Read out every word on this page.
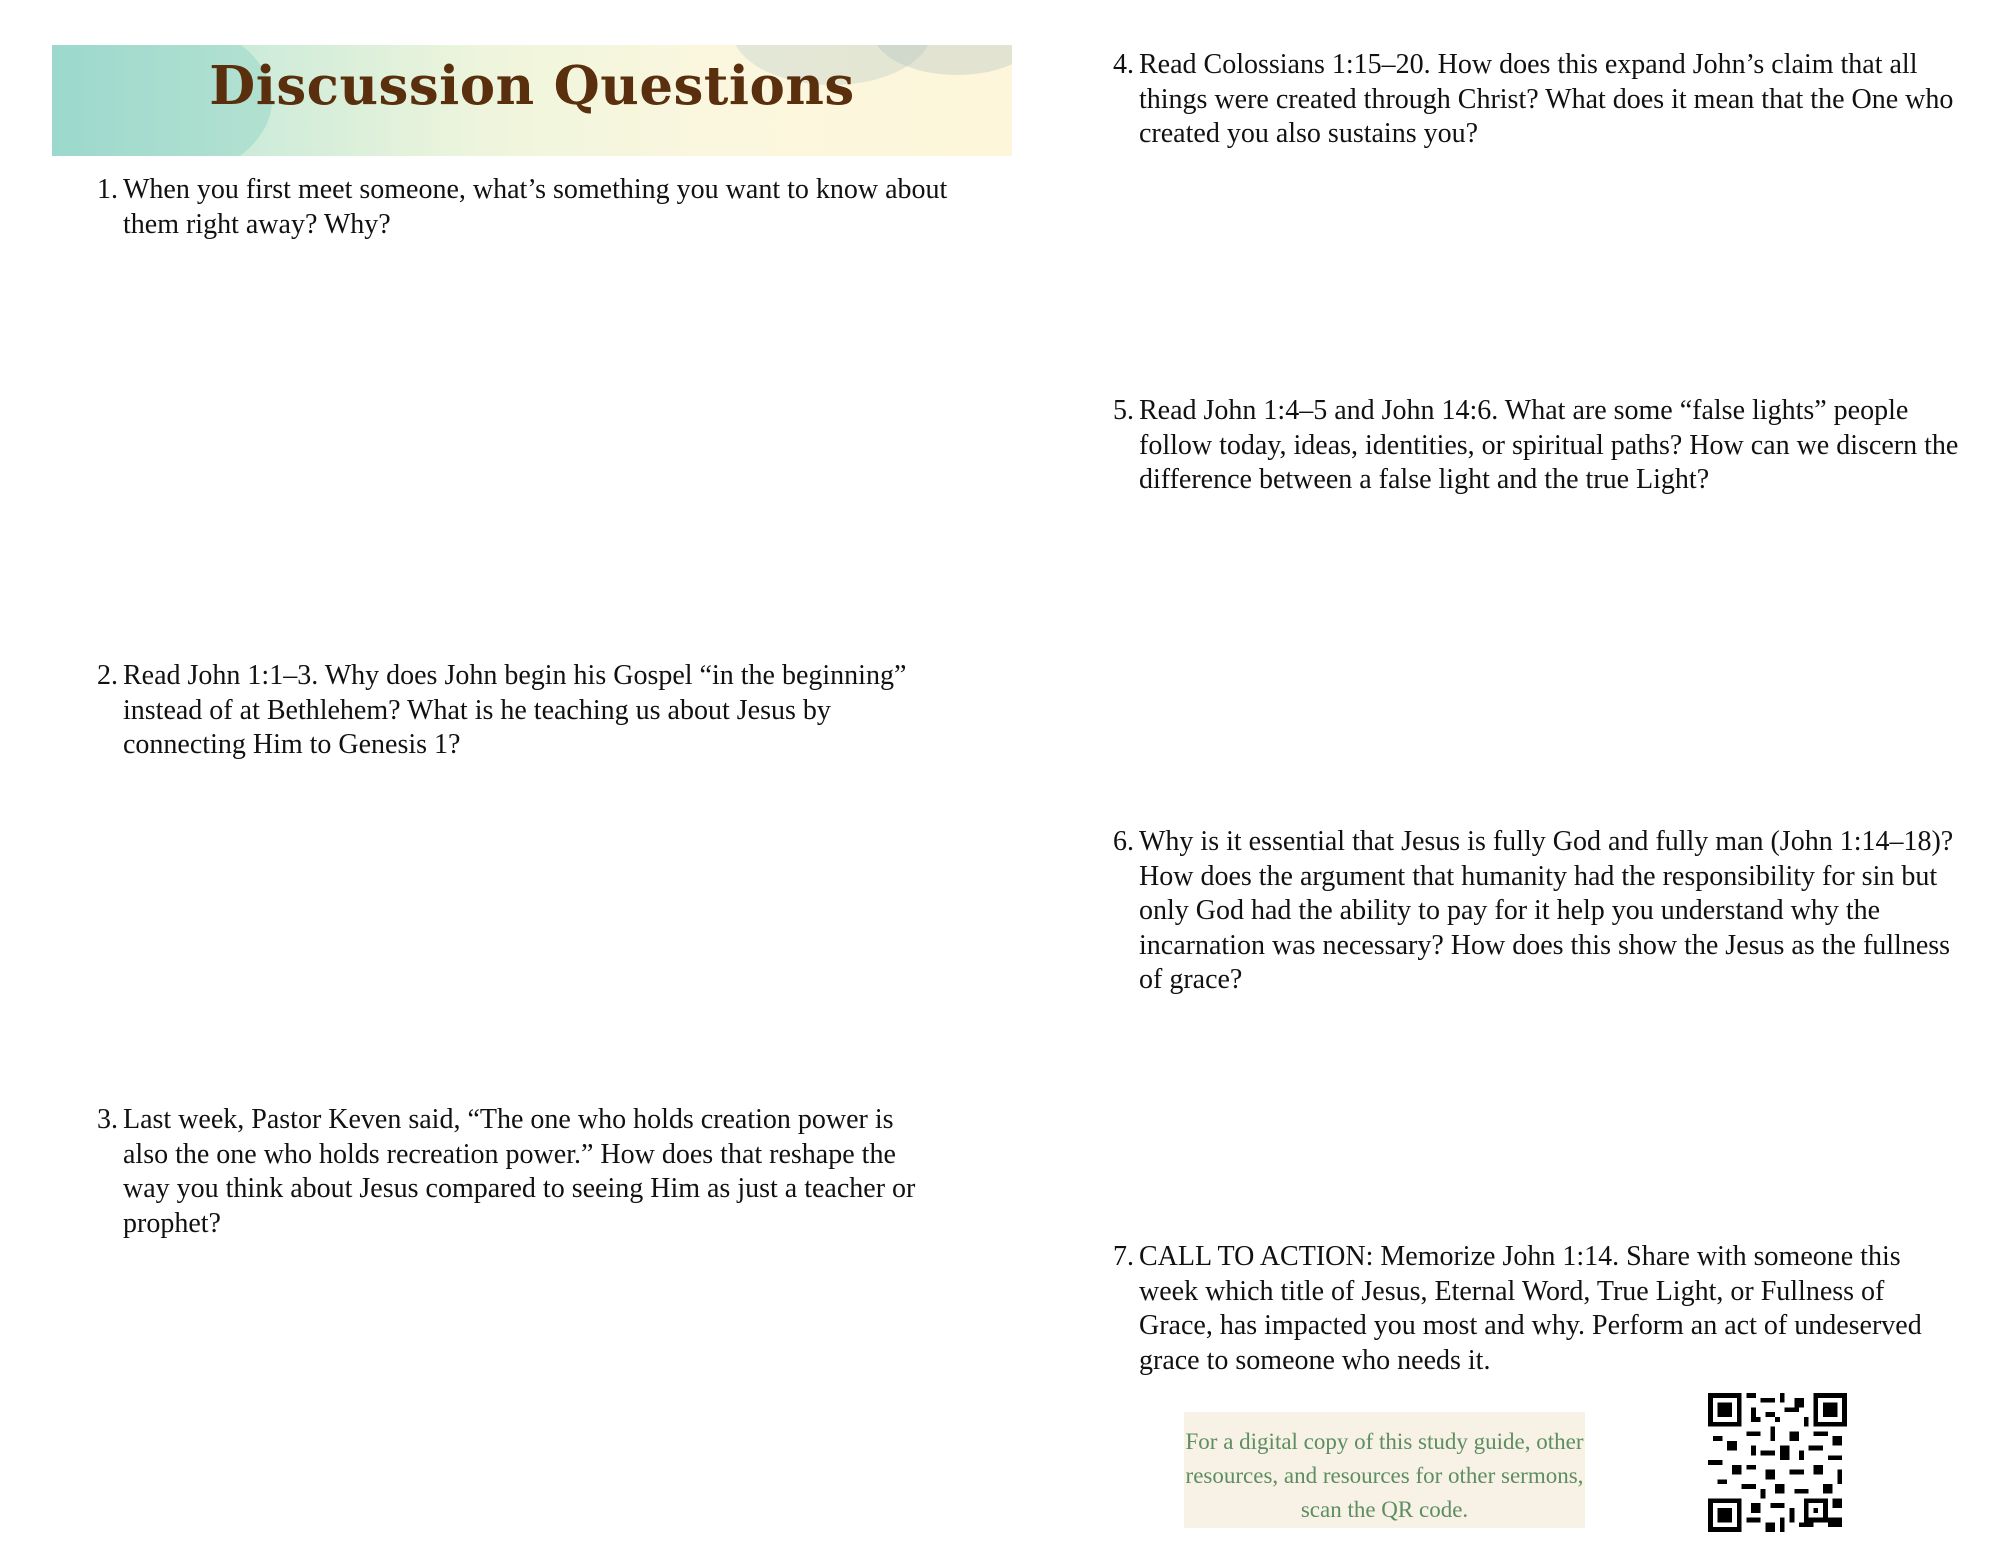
Discussion Questions
1. When you first meet someone, what’s something you want to know about them right away? Why?
2. Read John 1:1–3. Why does John begin his Gospel “in the beginning” instead of at Bethlehem? What is he teaching us about Jesus by connecting Him to Genesis 1?
3. Last week, Pastor Keven said, “The one who holds creation power is also the one who holds recreation power.” How does that reshape the way you think about Jesus compared to seeing Him as just a teacher or prophet?
4. Read Colossians 1:15–20. How does this expand John’s claim that all things were created through Christ? What does it mean that the One who created you also sustains you?
5. Read John 1:4–5 and John 14:6. What are some “false lights” people follow today, ideas, identities, or spiritual paths? How can we discern the difference between a false light and the true Light?
6. Why is it essential that Jesus is fully God and fully man (John 1:14–18)? How does the argument that humanity had the responsibility for sin but only God had the ability to pay for it help you understand why the incarnation was necessary? How does this show the Jesus as the fullness of grace?
7. CALL TO ACTION: Memorize John 1:14. Share with someone this week which title of Jesus, Eternal Word, True Light, or Fullness of Grace, has impacted you most and why. Perform an act of undeserved grace to someone who needs it.
For a digital copy of this study guide, other resources, and resources for other sermons, scan the QR code.
